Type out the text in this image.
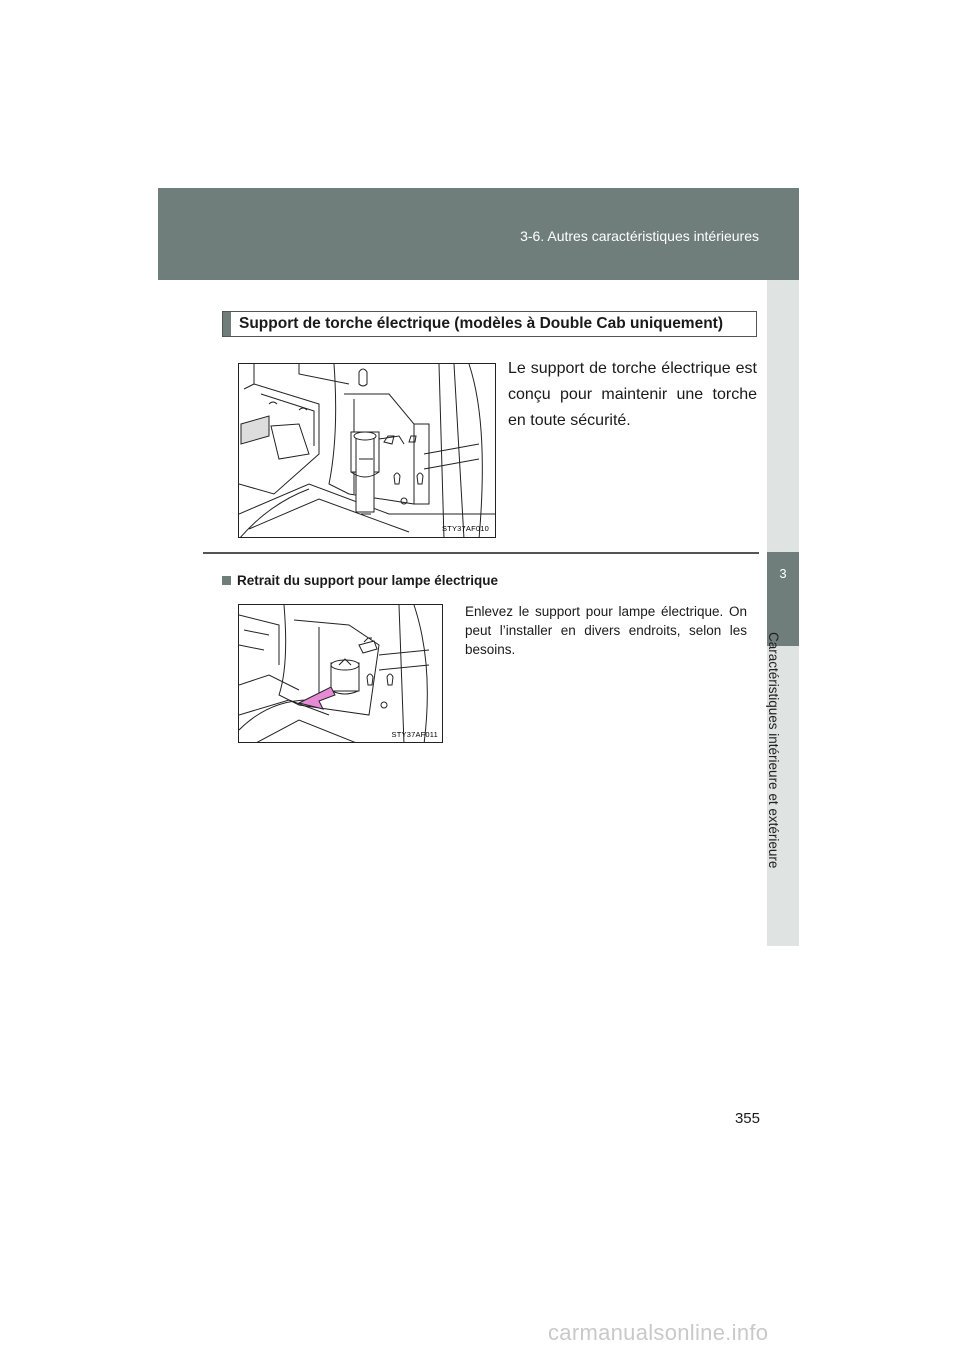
3-6. Autres caractéristiques intérieures
3
Caractéristiques intérieure et extérieure
Support de torche électrique (modèles à Double Cab uniquement)
STY37AF010
Le support de torche électrique est conçu pour maintenir une torche en toute sécurité.
Retrait du support pour lampe électrique
STY37AF011
Enlevez le support pour lampe électrique. On peut l’installer en divers endroits, selon les besoins.
355
carmanualsonline.info
